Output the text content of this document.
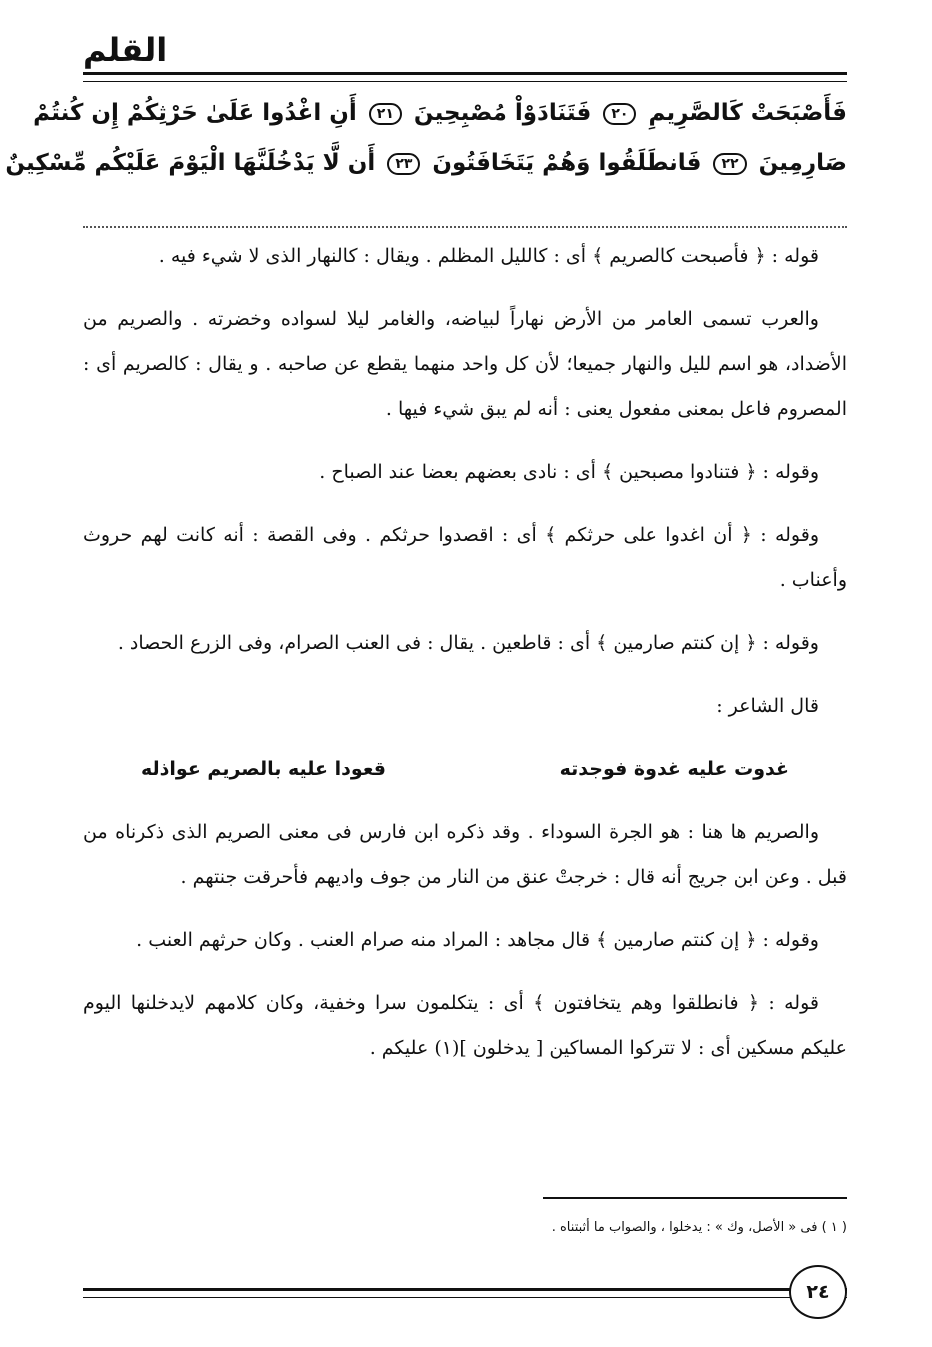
القلم
فَأَصْبَحَتْ كَالصَّرِيمِ ٢٠ فَتَنَادَوْاْ مُصْبِحِينَ ٢١ أَنِ اغْدُوا عَلَىٰ حَرْثِكُمْ إِن كُنتُمْ
صَارِمِينَ ٢٢ فَانطَلَقُوا وَهُمْ يَتَخَافَتُونَ ٢٣ أَن لَّا يَدْخُلَنَّهَا الْيَوْمَ عَلَيْكُم مِّسْكِينٌ

قوله : ﴿ فأصبحت كالصريم ﴾ أى : كالليل المظلم . ويقال : كالنهار الذى لا شيء فيه .

والعرب تسمى العامر من الأرض نهاراً لبياضه، والغامر ليلا لسواده وخضرته . والصريم من الأضداد، هو اسم لليل والنهار جميعا؛ لأن كل واحد منهما يقطع عن صاحبه . و يقال : كالصريم أى : المصروم فاعل بمعنى مفعول يعنى : أنه لم يبق شيء فيها .

وقوله : ﴿ فتنادوا مصبحين ﴾ أى : نادى بعضهم بعضا عند الصباح .

وقوله : ﴿ أن اغدوا على حرثكم ﴾ أى : اقصدوا حرثكم . وفى القصة : أنه كانت لهم حروث وأعناب .

وقوله : ﴿ إن كنتم صارمين ﴾ أى : قاطعين . يقال : فى العنب الصرام، وفى الزرع الحصاد .

قال الشاعر :

غدوت عليه غدوة فوجدته
قعودا عليه بالصريم عواذله

والصريم ها هنا : هو الجرة السوداء . وقد ذكره ابن فارس فى معنى الصريم الذى ذكرناه من قبل . وعن ابن جريج أنه قال : خرجتْ عنق من النار من جوف واديهم فأحرقت جنتهم .

وقوله : ﴿ إن كنتم صارمين ﴾ قال مجاهد : المراد منه صرام العنب . وكان حرثهم العنب .

قوله : ﴿ فانطلقوا وهم يتخافتون ﴾ أى : يتكلمون سرا وخفية، وكان كلامهم لايدخلنها اليوم عليكم مسكين أى : لا تتركوا المساكين [ يدخلون ](١) عليكم .

( ١ ) فى « الأصل، وك » : يدخلوا ، والصواب ما أثبتناه .
٢٤
